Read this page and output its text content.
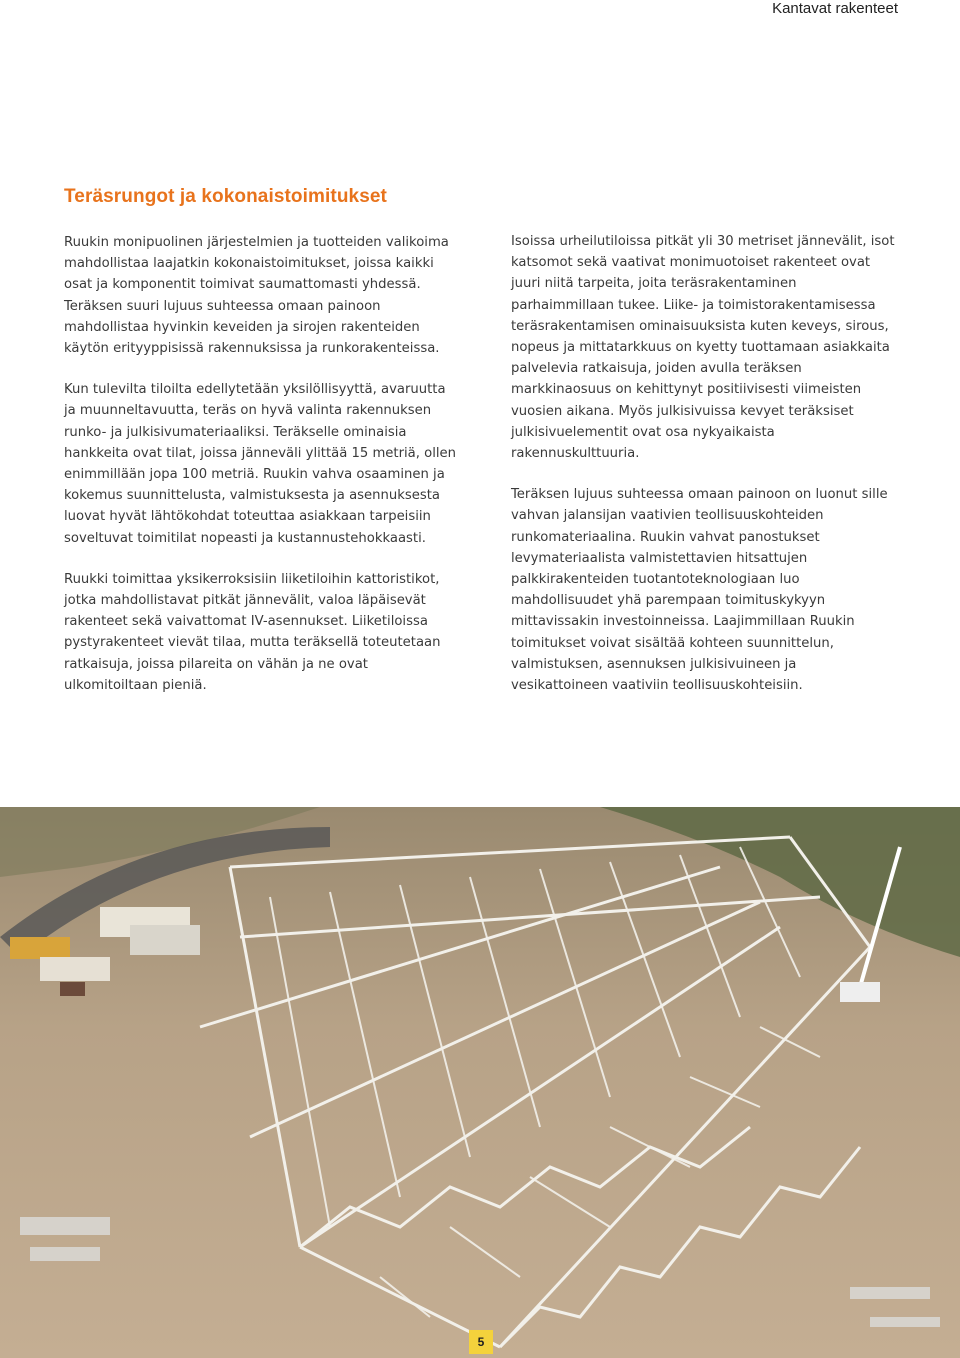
Kantavat rakenteet
Teräsrungot ja kokonaistoimitukset

Ruukin monipuolinen järjestelmien ja tuotteiden valikoima mahdollistaa laajatkin kokonaistoimitukset, joissa kaikki osat ja komponentit toimivat saumattomasti yhdessä. Teräksen suuri lujuus suhteessa omaan painoon mahdollistaa hyvinkin keveiden ja sirojen rakenteiden käytön erityyppisissä rakennuksissa ja runkorakenteissa.

Kun tulevilta tiloilta edellytetään yksilöllisyyttä, avaruutta ja muunneltavuutta, teräs on hyvä valinta rakennuksen runko- ja julkisivumateriaaliksi. Teräkselle ominaisia hankkeita ovat tilat, joissa jänneväli ylittää 15 metriä, ollen enimmillään jopa 100 metriä. Ruukin vahva osaaminen ja kokemus suunnittelusta, valmistuksesta ja asennuksesta luovat hyvät lähtökohdat toteuttaa asiakkaan tarpeisiin soveltuvat toimitilat nopeasti ja kustannustehokkaasti.

Ruukki toimittaa yksikerroksisiin liiketiloihin kattoristikot, jotka mahdollistavat pitkät jännevälit, valoa läpäisevät rakenteet sekä vaivattomat IV-asennukset. Liiketiloissa pystyrakenteet vievät tilaa, mutta teräksellä toteutetaan ratkaisuja, joissa pilareita on vähän ja ne ovat ulkomitoiltaan pieniä.

Isoissa urheilutiloissa pitkät yli 30 metriset jännevälit, isot katsomot sekä vaativat monimuotoiset rakenteet ovat juuri niitä tarpeita, joita teräsrakentaminen parhaimmillaan tukee. Liike- ja toimistorakentamisessa teräsrakentamisen ominaisuuksista kuten keveys, sirous, nopeus ja mittatarkkuus on kyetty tuottamaan asiakkaita palvelevia ratkaisuja, joiden avulla teräksen markkinaosuus on kehittynyt positiivisesti viimeisten vuosien aikana. Myös julkisivuissa kevyet teräksiset julkisivuelementit ovat osa nykyaikaista rakennuskulttuuria.

Teräksen lujuus suhteessa omaan painoon on luonut sille vahvan jalansijan vaativien teollisuuskohteiden runkomateriaalina. Ruukin vahvat panostukset levymateriaalista valmistettavien hitsattujen palkkirakenteiden tuotantoteknologiaan luo mahdollisuudet yhä parempaan toimituskykyyn mittavissakin investoinneissa. Laajimmillaan Ruukin toimitukset voivat sisältää kohteen suunnittelun, valmistuksen, asennuksen julkisivuineen ja vesikattoineen vaativiin teollisuuskohteisiin.

5
